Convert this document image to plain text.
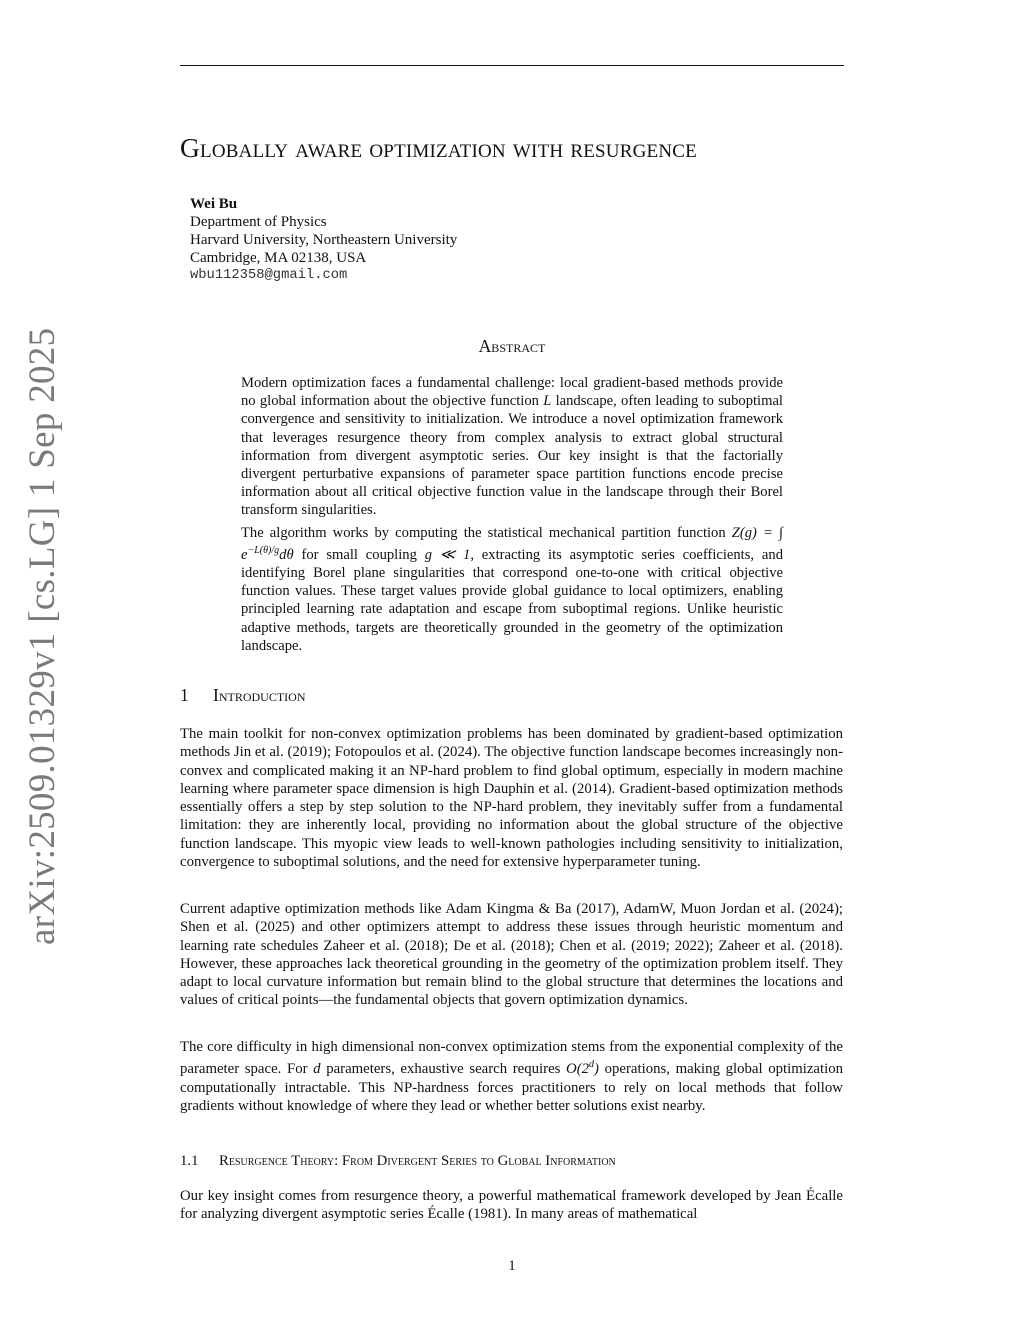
arXiv:2509.01329v1 [cs.LG] 1 Sep 2025
Globally aware optimization with resurgence
Wei Bu
Department of Physics
Harvard University, Northeastern University
Cambridge, MA 02138, USA
wbu112358@gmail.com
Abstract

Modern optimization faces a fundamental challenge: local gradient-based methods provide no global information about the objective function L landscape, often leading to suboptimal convergence and sensitivity to initialization. We introduce a novel optimization framework that leverages resurgence theory from complex analysis to extract global structural information from divergent asymptotic series. Our key insight is that the factorially divergent perturbative expansions of parameter space partition functions encode precise information about all critical objective function value in the landscape through their Borel transform singularities.

The algorithm works by computing the statistical mechanical partition function Z(g) = ∫ $e^{-L(\theta)/g}d\theta$ for small coupling g ≪ 1, extracting its asymptotic series coefficients, and identifying Borel plane singularities that correspond one-to-one with critical objective function values. These target values provide global guidance to local optimizers, enabling principled learning rate adaptation and escape from suboptimal regions. Unlike heuristic adaptive methods, targets are theoretically grounded in the geometry of the optimization landscape.

1 Introduction

The main toolkit for non-convex optimization problems has been dominated by gradient-based optimization methods Jin et al. (2019); Fotopoulos et al. (2024). The objective function landscape becomes increasingly non-convex and complicated making it an NP-hard problem to find global optimum, especially in modern machine learning where parameter space dimension is high Dauphin et al. (2014). Gradient-based optimization methods essentially offers a step by step solution to the NP-hard problem, they inevitably suffer from a fundamental limitation: they are inherently local, providing no information about the global structure of the objective function landscape. This myopic view leads to well-known pathologies including sensitivity to initialization, convergence to suboptimal solutions, and the need for extensive hyperparameter tuning.

Current adaptive optimization methods like Adam Kingma & Ba (2017), AdamW, Muon Jordan et al. (2024); Shen et al. (2025) and other optimizers attempt to address these issues through heuristic momentum and learning rate schedules Zaheer et al. (2018); De et al. (2018); Chen et al. (2019; 2022); Zaheer et al. (2018). However, these approaches lack theoretical grounding in the geometry of the optimization problem itself. They adapt to local curvature information but remain blind to the global structure that determines the locations and values of critical points—the fundamental objects that govern optimization dynamics.

The core difficulty in high dimensional non-convex optimization stems from the exponential complexity of the parameter space. For d parameters, exhaustive search requires O(2$^d$) operations, making global optimization computationally intractable. This NP-hardness forces practitioners to rely on local methods that follow gradients without knowledge of where they lead or whether better solutions exist nearby.

1.1 Resurgence Theory: From Divergent Series to Global Information

Our key insight comes from resurgence theory, a powerful mathematical framework developed by Jean Écalle for analyzing divergent asymptotic series Écalle (1981). In many areas of mathematical

1
